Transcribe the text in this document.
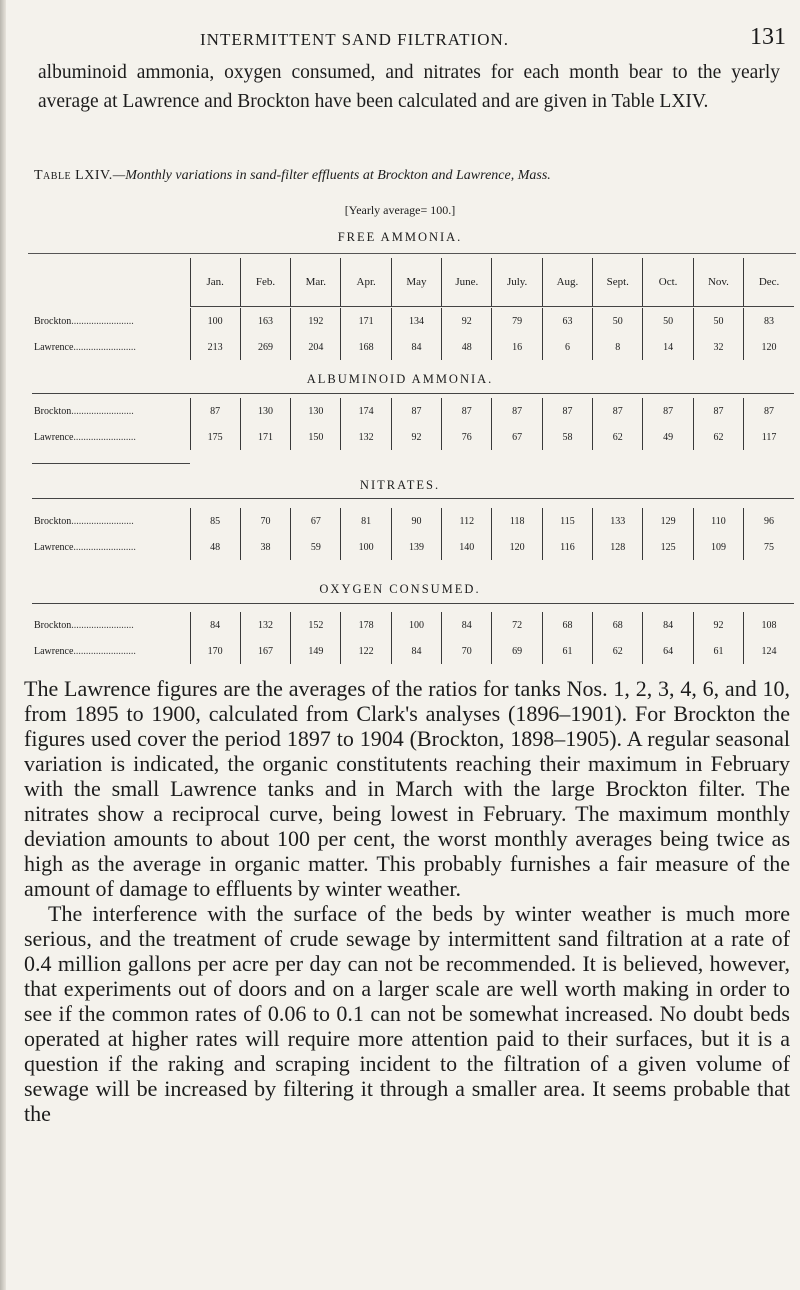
INTERMITTENT SAND FILTRATION.	131

albuminoid ammonia, oxygen consumed, and nitrates for each month bear to the yearly average at Lawrence and Brockton have been calculated and are given in Table LXIV.

Table LXIV.—Monthly variations in sand-filter effluents at Brockton and Lawrence, Mass.
[Yearly average= 100.]
FREE AMMONIA.
	Jan.	Feb.	Mar.	Apr.	May	June.	July.	Aug.	Sept.	Oct.	Nov.	Dec.
Brockton.........................	100	163	192	171	134	92	79	63	50	50	50	83
Lawrence.........................	213	269	204	168	84	48	16	6	8	14	32	120
ALBUMINOID AMMONIA.
Brockton.........................	87	130	130	174	87	87	87	87	87	87	87	87
Lawrence.........................	175	171	150	132	92	76	67	58	62	49	62	117
NITRATES.
Brockton.........................	85	70	67	81	90	112	118	115	133	129	110	96
Lawrence.........................	48	38	59	100	139	140	120	116	128	125	109	75
OXYGEN CONSUMED.
Brockton.........................	84	132	152	178	100	84	72	68	68	84	92	108
Lawrence.........................	170	167	149	122	84	70	69	61	62	64	61	124

The Lawrence figures are the averages of the ratios for tanks Nos. 1, 2, 3, 4, 6, and 10, from 1895 to 1900, calculated from Clark's analyses (1896–1901). For Brockton the figures used cover the period 1897 to 1904 (Brockton, 1898–1905). A regular seasonal variation is indicated, the organic constitutents reaching their maximum in February with the small Lawrence tanks and in March with the large Brockton filter. The nitrates show a reciprocal curve, being lowest in February. The maximum monthly deviation amounts to about 100 per cent, the worst monthly averages being twice as high as the average in organic matter. This probably furnishes a fair measure of the amount of damage to effluents by winter weather.

The interference with the surface of the beds by winter weather is much more serious, and the treatment of crude sewage by intermittent sand filtration at a rate of 0.4 million gallons per acre per day can not be recommended. It is believed, however, that experiments out of doors and on a larger scale are well worth making in order to see if the common rates of 0.06 to 0.1 can not be somewhat increased. No doubt beds operated at higher rates will require more attention paid to their surfaces, but it is a question if the raking and scraping incident to the filtration of a given volume of sewage will be increased by filtering it through a smaller area. It seems probable that the
